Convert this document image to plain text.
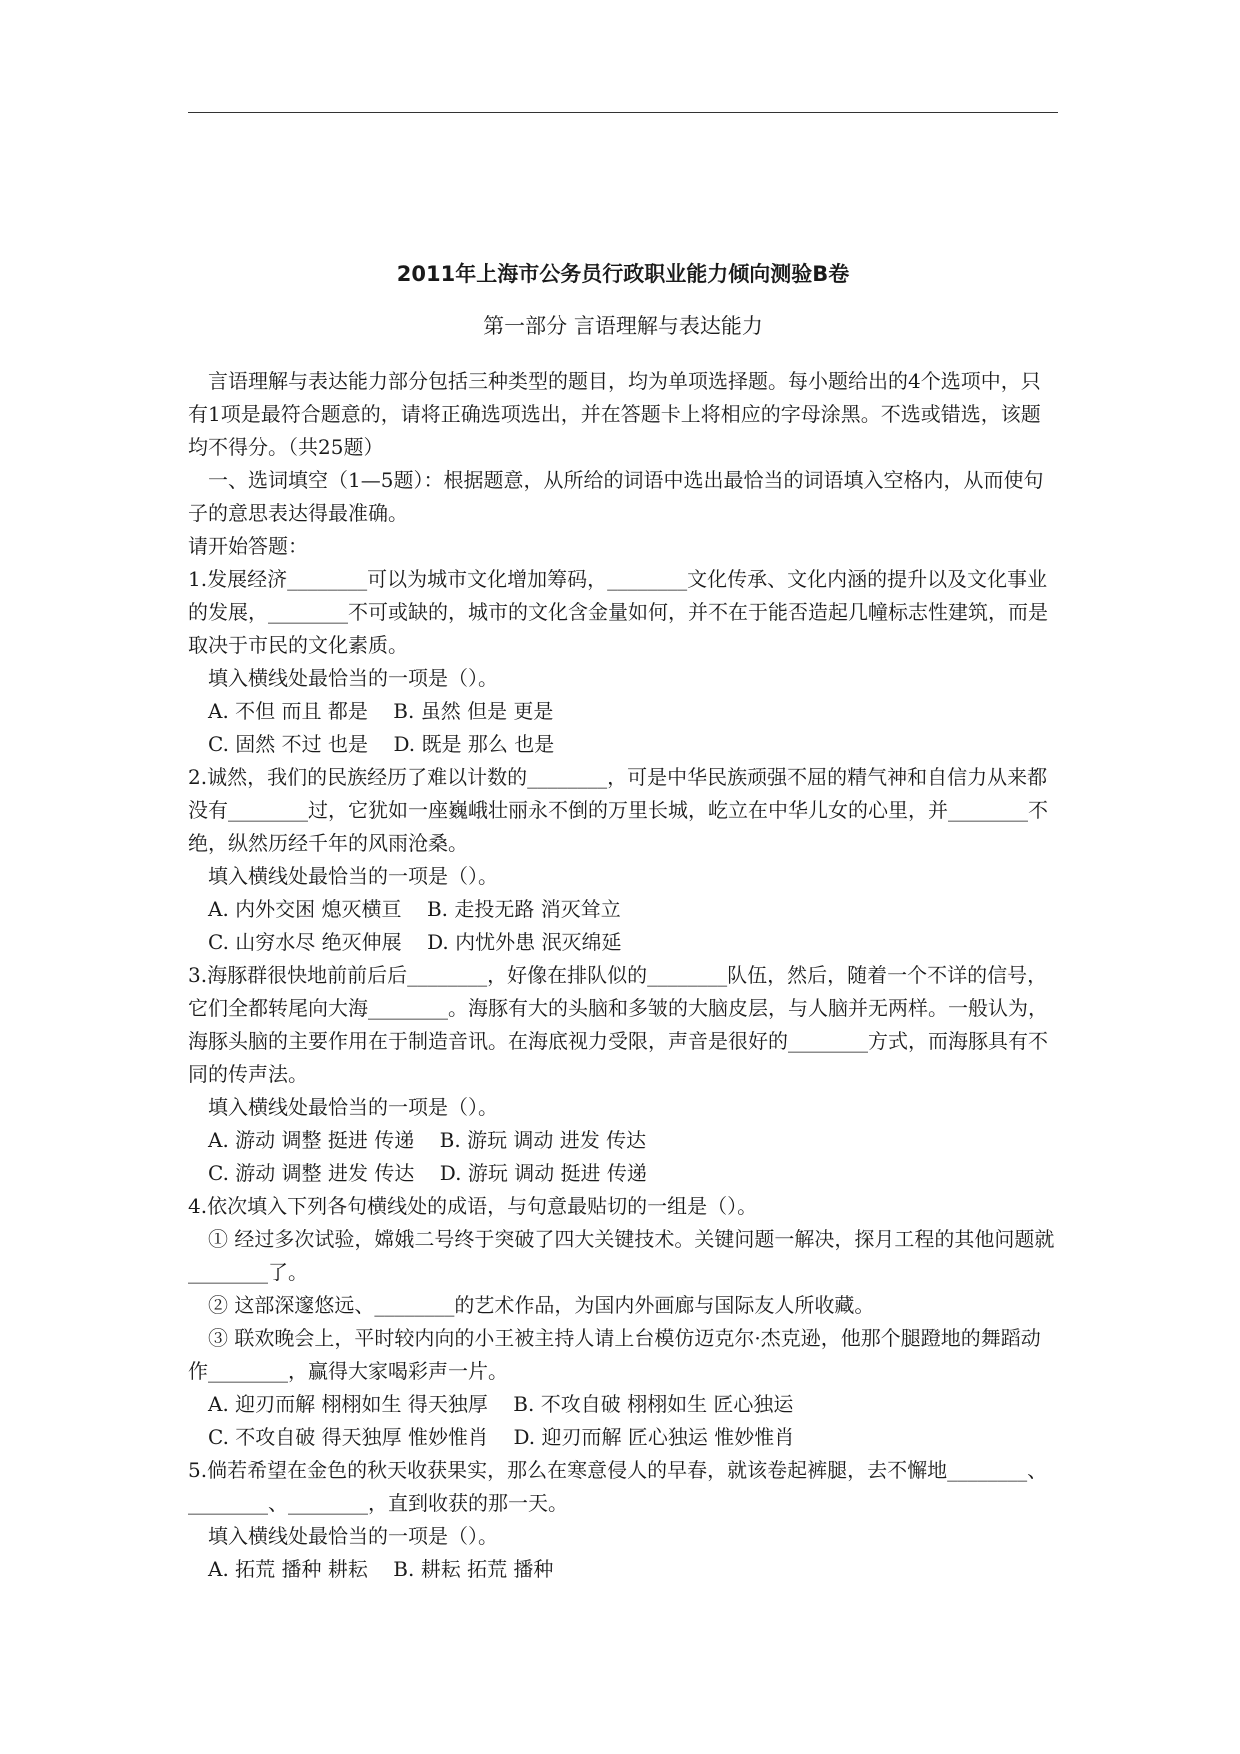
2011年上海市公务员行政职业能力倾向测验B卷

第一部分 言语理解与表达能力

言语理解与表达能力部分包括三种类型的题目，均为单项选择题。每小题给出的4个选项中，只有1项是最符合题意的，请将正确选项选出，并在答题卡上将相应的字母涂黑。不选或错选，该题均不得分。（共25题）

一、选词填空（1—5题）：根据题意，从所给的词语中选出最恰当的词语填入空格内，从而使句子的意思表达得最准确。

请开始答题：

1.发展经济________可以为城市文化增加筹码，________文化传承、文化内涵的提升以及文化事业的发展，________不可或缺的，城市的文化含金量如何，并不在于能否造起几幢标志性建筑，而是取决于市民的文化素质。

填入横线处最恰当的一项是（）。

A. 不但 而且 都是    B. 虽然 但是 更是

C. 固然 不过 也是    D. 既是 那么 也是

2.诚然，我们的民族经历了难以计数的________，可是中华民族顽强不屈的精气神和自信力从来都没有________过，它犹如一座巍峨壮丽永不倒的万里长城，屹立在中华儿女的心里，并________不绝，纵然历经千年的风雨沧桑。

填入横线处最恰当的一项是（）。

A. 内外交困 熄灭横亘    B. 走投无路 消灭耸立

C. 山穷水尽 绝灭伸展    D. 内忧外患 泯灭绵延

3.海豚群很快地前前后后________，好像在排队似的________队伍，然后，随着一个不详的信号，它们全都转尾向大海________。海豚有大的头脑和多皱的大脑皮层，与人脑并无两样。一般认为，海豚头脑的主要作用在于制造音讯。在海底视力受限，声音是很好的________方式，而海豚具有不同的传声法。

填入横线处最恰当的一项是（）。

A. 游动 调整 挺进 传递    B. 游玩 调动 进发 传达

C. 游动 调整 进发 传达    D. 游玩 调动 挺进 传递

4.依次填入下列各句横线处的成语，与句意最贴切的一组是（）。

① 经过多次试验，嫦娥二号终于突破了四大关键技术。关键问题一解决，探月工程的其他问题就________了。

② 这部深邃悠远、________的艺术作品，为国内外画廊与国际友人所收藏。

③ 联欢晚会上，平时较内向的小王被主持人请上台模仿迈克尔·杰克逊，他那个腿蹬地的舞蹈动作________，赢得大家喝彩声一片。

A. 迎刃而解 栩栩如生 得天独厚    B. 不攻自破 栩栩如生 匠心独运

C. 不攻自破 得天独厚 惟妙惟肖    D. 迎刃而解 匠心独运 惟妙惟肖

5.倘若希望在金色的秋天收获果实，那么在寒意侵人的早春，就该卷起裤腿，去不懈地________、________、________，直到收获的那一天。

填入横线处最恰当的一项是（）。

A. 拓荒 播种 耕耘    B. 耕耘 拓荒 播种
